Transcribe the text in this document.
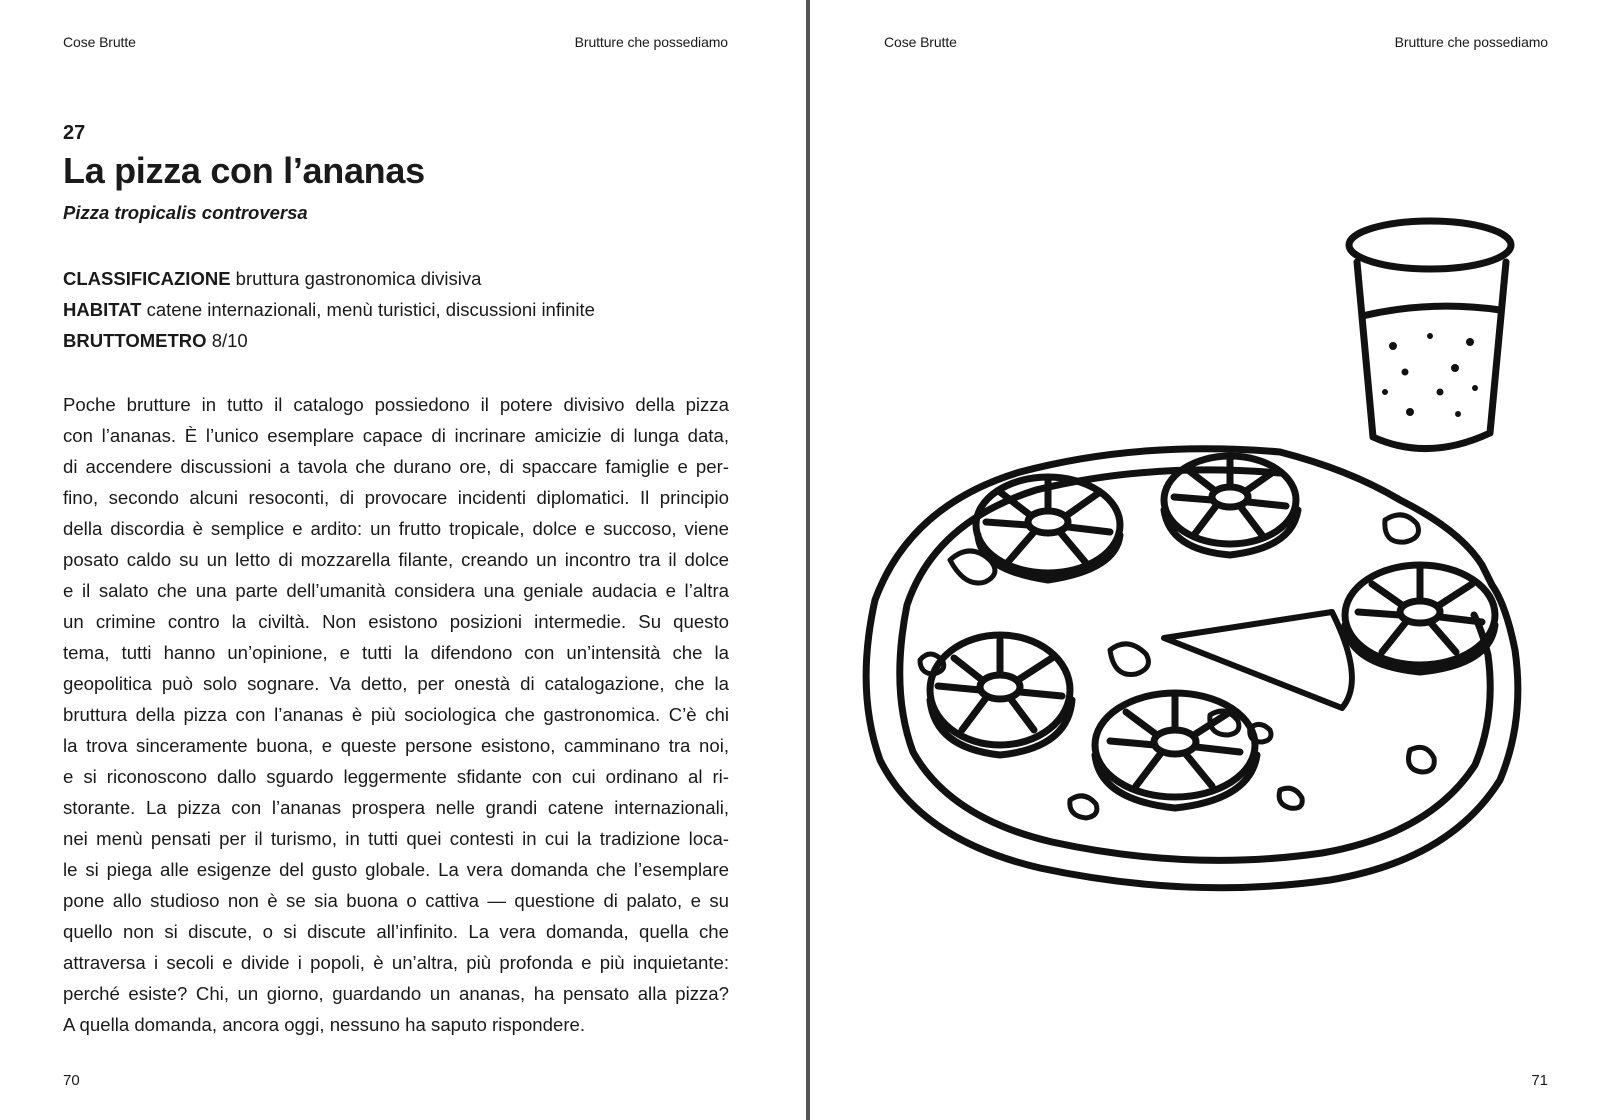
Cose Brutte	Brutture che possediamo
27
La pizza con l’ananas
Pizza tropicalis controversa
CLASSIFICAZIONE bruttura gastronomica divisiva
HABITAT catene internazionali, menù turistici, discussioni infinite
BRUTTOMETRO 8/10
Poche brutture in tutto il catalogo possiedono il potere divisivo della pizza
con l’ananas. È l’unico esemplare capace di incrinare amicizie di lunga data,
di accendere discussioni a tavola che durano ore, di spaccare famiglie e per-
fino, secondo alcuni resoconti, di provocare incidenti diplomatici. Il principio
della discordia è semplice e ardito: un frutto tropicale, dolce e succoso, viene
posato caldo su un letto di mozzarella filante, creando un incontro tra il dolce
e il salato che una parte dell’umanità considera una geniale audacia e l’altra
un crimine contro la civiltà. Non esistono posizioni intermedie. Su questo
tema, tutti hanno un’opinione, e tutti la difendono con un’intensità che la
geopolitica può solo sognare. Va detto, per onestà di catalogazione, che la
bruttura della pizza con l’ananas è più sociologica che gastronomica. C’è chi
la trova sinceramente buona, e queste persone esistono, camminano tra noi,
e si riconoscono dallo sguardo leggermente sfidante con cui ordinano al ri-
storante. La pizza con l’ananas prospera nelle grandi catene internazionali,
nei menù pensati per il turismo, in tutti quei contesti in cui la tradizione loca-
le si piega alle esigenze del gusto globale. La vera domanda che l’esemplare
pone allo studioso non è se sia buona o cattiva — questione di palato, e su
quello non si discute, o si discute all’infinito. La vera domanda, quella che
attraversa i secoli e divide i popoli, è un’altra, più profonda e più inquietante:
perché esiste? Chi, un giorno, guardando un ananas, ha pensato alla pizza?
A quella domanda, ancora oggi, nessuno ha saputo rispondere.
70
Cose Brutte	Brutture che possediamo
71
